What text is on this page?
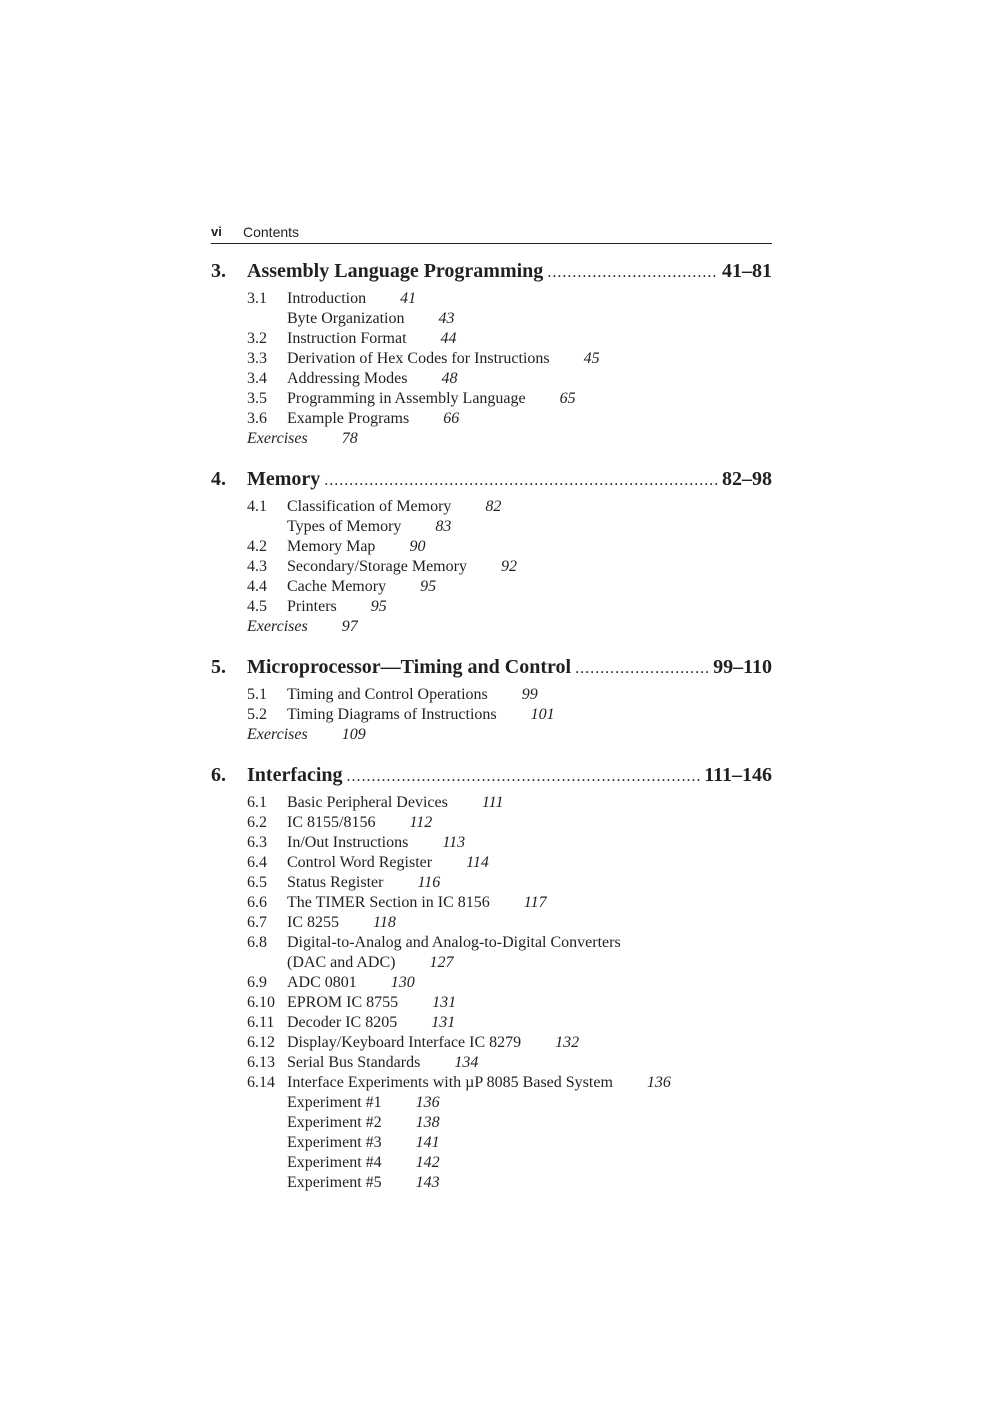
vi Contents
3.	Assembly Language Programming .....	41–81
3.1	Introduction 41
Byte Organization 43
3.2	Instruction Format 44
3.3	Derivation of Hex Codes for Instructions 45
3.4	Addressing Modes 48
3.5	Programming in Assembly Language 65
3.6	Example Programs 66
Exercises 78
4.	Memory .....	82–98
4.1	Classification of Memory 82
Types of Memory 83
4.2	Memory Map 90
4.3	Secondary/Storage Memory 92
4.4	Cache Memory 95
4.5	Printers 95
Exercises 97
5.	Microprocessor—Timing and Control .....	99–110
5.1	Timing and Control Operations 99
5.2	Timing Diagrams of Instructions 101
Exercises 109
6.	Interfacing .....	111–146
6.1	Basic Peripheral Devices 111
6.2	IC 8155/8156 112
6.3	In/Out Instructions 113
6.4	Control Word Register 114
6.5	Status Register 116
6.6	The TIMER Section in IC 8156 117
6.7	IC 8255 118
6.8	Digital-to-Analog and Analog-to-Digital Converters
(DAC and ADC) 127
6.9	ADC 0801 130
6.10 EPROM IC 8755 131
6.11 Decoder IC 8205 131
6.12 Display/Keyboard Interface IC 8279 132
6.13 Serial Bus Standards 134
6.14 Interface Experiments with µP 8085 Based System 136
Experiment #1 136
Experiment #2 138
Experiment #3 141
Experiment #4 142
Experiment #5 143
